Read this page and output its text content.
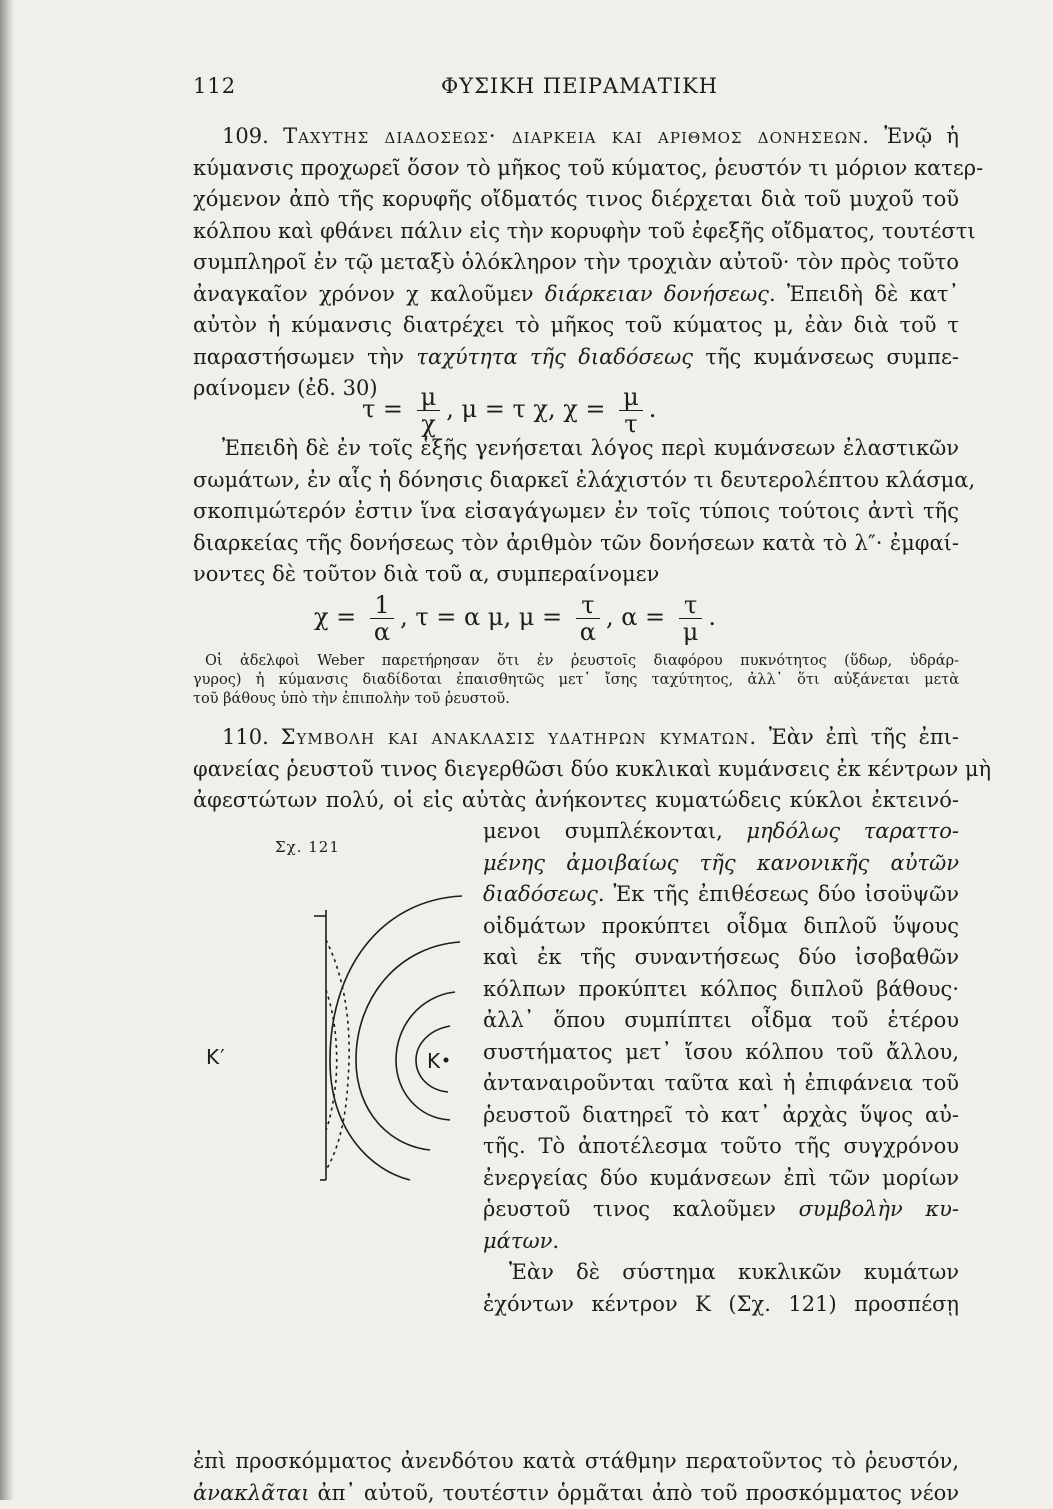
112	ΦΥΣΙΚΗ ΠΕΙΡΑΜΑΤΙΚΗ
109. Ταχυτης διαδοσεως· διαρκεια και αριθμος δονησεων. Ἐνῷ ἡ
κύμανσις προχωρεῖ ὅσον τὸ μῆκος τοῦ κύματος, ῥευστόν τι μόριον κατερ-
χόμενον ἀπὸ τῆς κορυφῆς οἴδματός τινος διέρχεται διὰ τοῦ μυχοῦ τοῦ
κόλπου καὶ φθάνει πάλιν εἰς τὴν κορυφὴν τοῦ ἐφεξῆς οἴδματος, τουτέστι
συμπληροῖ ἐν τῷ μεταξὺ ὁλόκληρον τὴν τροχιὰν αὐτοῦ· τὸν πρὸς τοῦτο
ἀναγκαῖον χρόνον χ καλοῦμεν διάρκειαν δονήσεως. Ἐπειδὴ δὲ κατ᾽
αὐτὸν ἡ κύμανσις διατρέχει τὸ μῆκος τοῦ κύματος μ, ἐὰν διὰ τοῦ τ
παραστήσωμεν τὴν ταχύτητα τῆς διαδόσεως τῆς κυμάνσεως συμπε-
ραίνομεν (ἐδ. 30)
$\tau = \frac{\mu}{\chi}$ , μ = τ χ, $\chi = \frac{\mu}{\tau}$ .
Ἐπειδὴ δὲ ἐν τοῖς ἑξῆς γενήσεται λόγος περὶ κυμάνσεων ἐλαστικῶν
σωμάτων, ἐν αἷς ἡ δόνησις διαρκεῖ ἐλάχιστόν τι δευτερολέπτου κλάσμα,
σκοπιμώτερόν ἐστιν ἵνα εἰσαγάγωμεν ἐν τοῖς τύποις τούτοις ἀντὶ τῆς
διαρκείας τῆς δονήσεως τὸν ἀριθμὸν τῶν δονήσεων κατὰ τὸ λ″· ἐμφαί-
νοντες δὲ τοῦτον διὰ τοῦ α, συμπεραίνομεν
$\chi = \frac{1}{\alpha}$ , τ = α μ, $\mu = \frac{\tau}{\alpha}$ , $\alpha = \frac{\tau}{\mu}$ .
Οἱ ἀδελφοὶ Weber παρετήρησαν ὅτι ἐν ῥευστοῖς διαφόρου πυκνότητος (ὕδωρ, ὑδράρ-
γυρος) ἡ κύμανσις διαδίδοται ἐπαισθητῶς μετ᾽ ἴσης ταχύτητος, ἀλλ᾽ ὅτι αὐξάνεται μετὰ
τοῦ βάθους ὑπὸ τὴν ἐπιπολὴν τοῦ ῥευστοῦ.
110. Συμβολη και ανακλασις υδατηρων κυματων. Ἐὰν ἐπὶ τῆς ἐπι-
φανείας ῥευστοῦ τινος διεγερθῶσι δύο κυκλικαὶ κυμάνσεις ἐκ κέντρων μὴ
ἀφεστώτων πολύ, οἱ εἰς αὐτὰς ἀνήκοντες κυματώδεις κύκλοι ἐκτεινό-
μενοι συμπλέκονται, μηδόλως ταραττο-
μένης ἀμοιβαίως τῆς κανονικῆς αὐτῶν
διαδόσεως. Ἐκ τῆς ἐπιθέσεως δύο ἰσοϋψῶν
οἰδμάτων προκύπτει οἶδμα διπλοῦ ὕψους
καὶ ἐκ τῆς συναντήσεως δύο ἰσοβαθῶν
κόλπων προκύπτει κόλπος διπλοῦ βάθους·
ἀλλ᾽ ὅπου συμπίπτει οἶδμα τοῦ ἑτέρου
συστήματος μετ᾽ ἴσου κόλπου τοῦ ἄλλου,
ἀνταναιροῦνται ταῦτα καὶ ἡ ἐπιφάνεια τοῦ
ῥευστοῦ διατηρεῖ τὸ κατ᾽ ἀρχὰς ὕψος αὐ-
τῆς. Τὸ ἀποτέλεσμα τοῦτο τῆς συγχρόνου
ἐνεργείας δύο κυμάνσεων ἐπὶ τῶν μορίων
ῥευστοῦ τινος καλοῦμεν συμβολὴν κυ-
μάτων.
Ἐὰν δὲ σύστημα κυκλικῶν κυμάτων
ἐχόντων κέντρον K (Σχ. 121) προσπέσῃ
ἐπὶ προσκόμματος ἀνενδότου κατὰ στάθμην περατοῦντος τὸ ῥευστόν,
ἀνακλᾶται ἀπ᾽ αὐτοῦ, τουτέστιν ὁρμᾶται ἀπὸ τοῦ προσκόμματος νέον
Σχ. 121
K
K′
